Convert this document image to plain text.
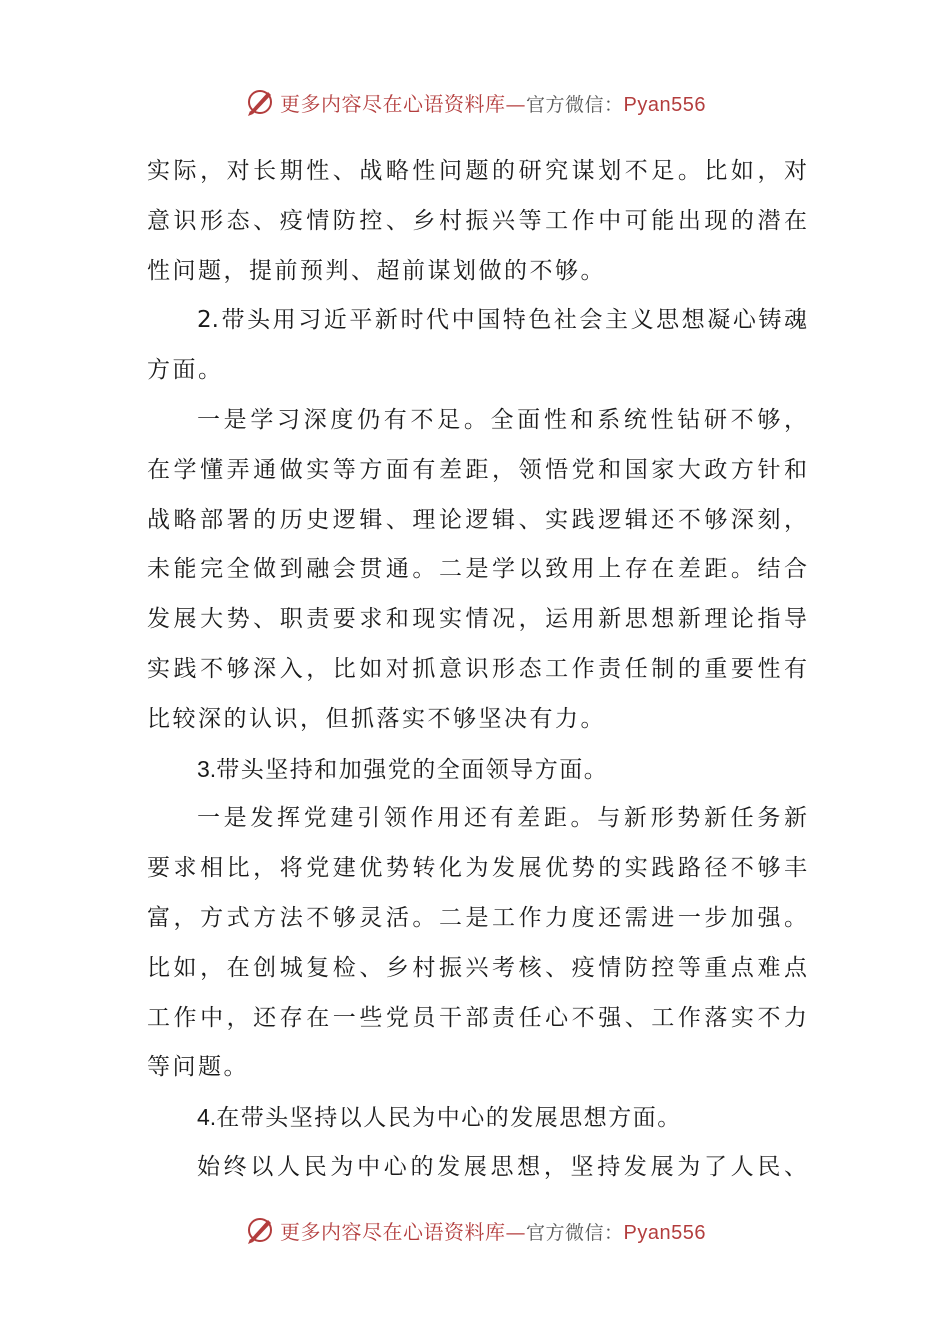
更多内容尽在心语资料库—官方微信：Pyan556
实际，对长期性、战略性问题的研究谋划不足。比如，对
意识形态、疫情防控、乡村振兴等工作中可能出现的潜在
性问题，提前预判、超前谋划做的不够。
2.带头用习近平新时代中国特色社会主义思想凝心铸魂
方面。
一是学习深度仍有不足。全面性和系统性钻研不够，
在学懂弄通做实等方面有差距，领悟党和国家大政方针和
战略部署的历史逻辑、理论逻辑、实践逻辑还不够深刻，
未能完全做到融会贯通。二是学以致用上存在差距。结合
发展大势、职责要求和现实情况，运用新思想新理论指导
实践不够深入，比如对抓意识形态工作责任制的重要性有
比较深的认识，但抓落实不够坚决有力。
3.带头坚持和加强党的全面领导方面。
一是发挥党建引领作用还有差距。与新形势新任务新
要求相比，将党建优势转化为发展优势的实践路径不够丰
富，方式方法不够灵活。二是工作力度还需进一步加强。
比如，在创城复检、乡村振兴考核、疫情防控等重点难点
工作中，还存在一些党员干部责任心不强、工作落实不力
等问题。
4.在带头坚持以人民为中心的发展思想方面。
始终以人民为中心的发展思想，坚持发展为了人民、
更多内容尽在心语资料库—官方微信：Pyan556
